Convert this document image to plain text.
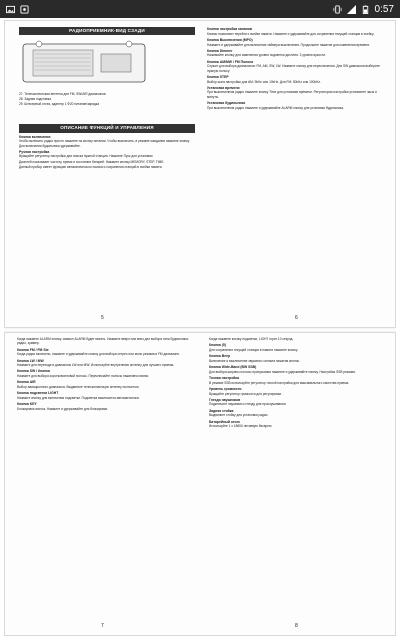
0:57
РАДИОПРИЕМНИК-ВИД СЗАДИ
27. Телескопическая антенна для FM, SW/AIR диапазонов
28. Задняя подставка
29. Штекерный отсек, адаптер 1 Ф20 питание/зарядка
ОПИСАНИЕ ФУНКЦИЙ И УПРАВЛЕНИЯ
Кнопка включения
Чтобы включить радио просто нажмите на кнопку питания. Чтобы выключить, в режиме ожидания нажмите кнопку. Для включения будильника удерживайте.
Ручная настройка
Вращайте регулятор настройки для поиска нужной станции. Нажмите Пуск для установки.
Дисплей показывает частоту, время и состояние батарей. Нажмите кнопку MEMORY, STEP, TIME.
Данный прибор имеет функцию автоматического поиска и сохранения станций в ячейки памяти.
5
Кнопка настройки каналов
Кнопки позволяют перейти к ячейке памяти. Нажмите и удерживайте для сохранения текущей станции в ячейку.
Кнопка Выключения (MPO)
Нажмите и удерживайте для включения таймера выключения. Продолжите нажатие для изменения времени.
Кнопка Dimmer
Нажимайте кнопку для изменения уровня подсветки дисплея. 3 уровня яркости.
Кнопка AM/MW / FM Полоса
Служит для выбора диапазонов: FM, AM, SW, LW. Нажмите кнопку для переключения. Для SW диапазона выберите нужную полосу.
Кнопка STEP
Выбор шага настройки для AM: 9kHz или 10kHz. Для FM: 50kHz или 100kHz.
Установка времени
При выключенном радио нажмите кнопку Time для установки времени. Регулятором настройки установите часы и минуты.
Установка будильника
При выключенном радио нажмите и удерживайте ALARM кнопку для установки будильника.
6
Когда нажмете ALARM кнопку, символ ALARM будет мигать. Нажмите вверх или вниз для выбора типа будильника: радио, зуммер.
Кнопка FM / FM Ste
Когда радио включено, нажмите и удерживайте кнопку для выбора стерео или моно режима в FM диапазоне.
Кнопка LW / MW
Нажмите для перехода в диапазоны LW или MW. Используйте внутреннюю антенну для лучшего приема.
Кнопка SW / Кнопка
Нажмите для выбора коротковолновой полосы. Переключайте полосы нажатием кнопки.
Кнопка AIR
Выбор авиационного диапазона. Выдвиньте телескопическую антенну полностью.
Кнопка подсветки LIGHT
Нажмите кнопку для включения подсветки. Подсветка выключится автоматически.
Кнопка KEY
Блокировка кнопок. Нажмите и удерживайте для блокировки.
7
Когда нажмете кнопку подсветки, LIGHT горит 10 секунд.
Кнопка (5)
Для сохранения текущей станции в памяти нажмите кнопку.
Кнопка Веер
Включение и выключение звукового сигнала нажатия кнопок.
Кнопка Wide-Band (BW SSB)
Для выбора ширины полосы пропускания нажмите и удерживайте кнопку. Настройка SSB режима.
Точная настройка
В режиме SSB используйте регулятор точной настройки для максимального качества приема.
Уровень громкости
Вращайте регулятор громкости для регулировки.
Гнездо наушников
Подключите наушники к гнезду для прослушивания.
Задняя стойка
Выдвиньте стойку для установки радио.
Батарейный отсек
Используйте 1 х 18650 литиевую батарею.
8
